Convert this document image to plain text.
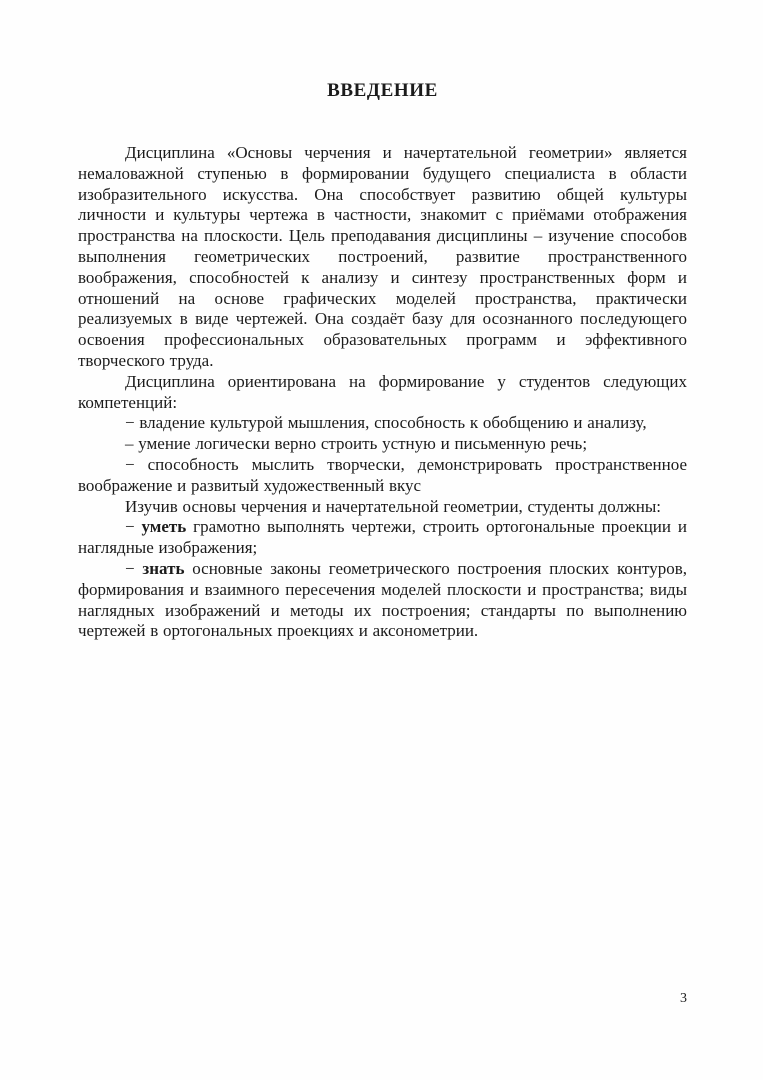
ВВЕДЕНИЕ

Дисциплина «Основы черчения и начертательной геометрии» является немаловажной ступенью в формировании будущего специалиста в области изобразительного искусства. Она способствует развитию общей культуры личности и культуры чертежа в частности, знакомит с приёмами отображения пространства на плоскости. Цель преподавания дисциплины – изучение способов выполнения геометрических построений, развитие пространственного воображения, способностей к анализу и синтезу пространственных форм и отношений на основе графических моделей пространства, практически реализуемых в виде чертежей. Она создаёт базу для осознанного последующего освоения профессиональных образовательных программ и эффективного творческого труда.

Дисциплина ориентирована на формирование у студентов следующих компетенций:

− владение культурой мышления, способность к обобщению и анализу,

– умение логически верно строить устную и письменную речь;

− способность мыслить творчески, демонстрировать пространственное воображение и развитый художественный вкус

Изучив основы черчения и начертательной геометрии, студенты должны:

− уметь грамотно выполнять чертежи, строить ортогональные проекции и наглядные изображения;

− знать основные законы геометрического построения плоских контуров, формирования и взаимного пересечения моделей плоскости и пространства; виды наглядных изображений и методы их построения; стандарты по выполнению чертежей в ортогональных проекциях и аксонометрии.

3
